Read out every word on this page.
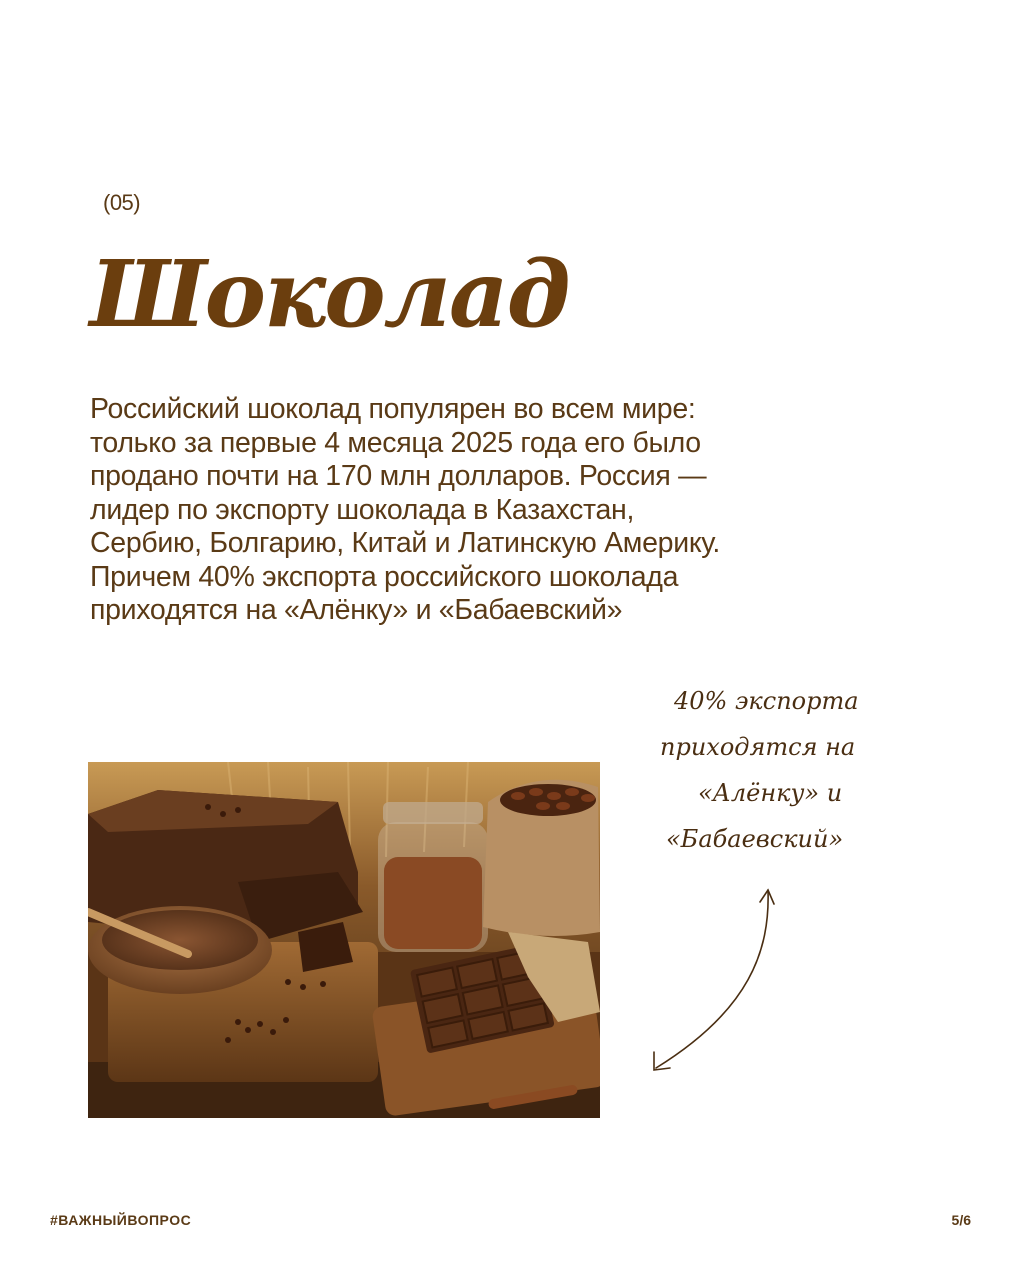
(05)
Шоколад
Российский шоколад популярен во всем мире:
только за первые 4 месяца 2025 года его было
продано почти на 170 млн долларов. Россия —
лидер по экспорту шоколада в Казахстан,
Сербию, Болгарию, Китай и Латинскую Америку.
Причем 40% экспорта российского шоколада
приходятся на «Алёнку» и «Бабаевский»
40% экспорта
приходятся на
«Алёнку» и
«Бабаевский»
#ВАЖНЫЙВОПРОС	5/6
